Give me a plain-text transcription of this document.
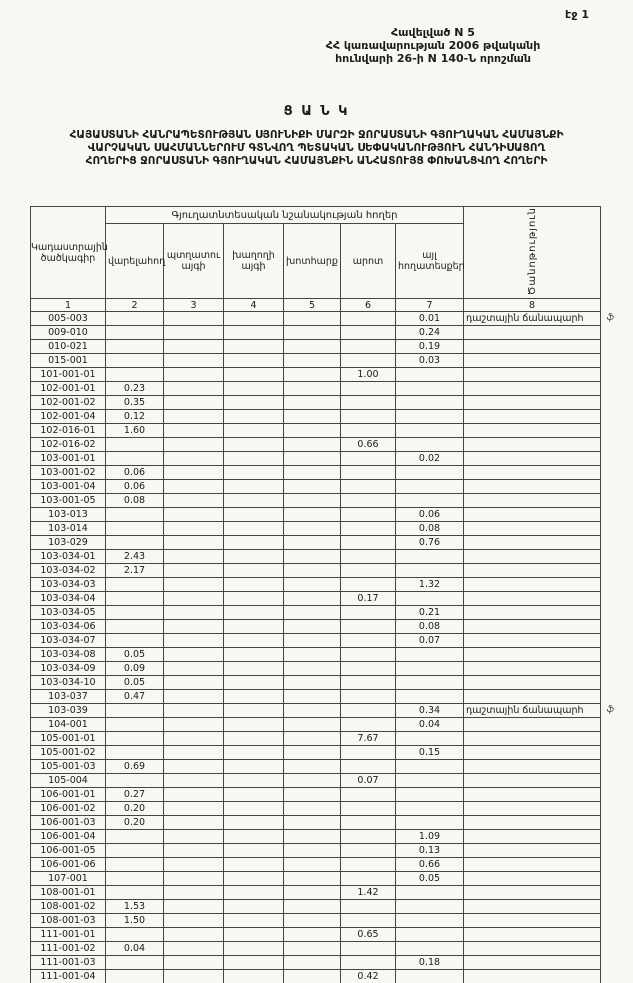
էջ 1
Հավելված N 5
ՀՀ կառավարության 2006 թվականի
հունվարի 26-ի N 140-Ն որոշման
Ց Ա Ն Կ
ՀԱՅԱՍՏԱՆԻ ՀԱՆՐԱՊԵՏՈՒԹՅԱՆ ՍՅՈՒՆԻՔԻ ՄԱՐԶԻ ՋՈՐԱՍՏԱՆԻ ԳՅՈՒՂԱԿԱՆ ՀԱՄԱՅՆՔԻ
ՎԱՐՉԱԿԱՆ ՍԱՀՄԱՆՆԵՐՈՒՄ ԳՏՆՎՈՂ ՊԵՏԱԿԱՆ ՍԵՓԱԿԱՆՈՒԹՅՈՒՆ ՀԱՆԴԻՍԱՑՈՂ
ՀՈՂԵՐԻՑ ՋՈՐԱՍՏԱՆԻ ԳՅՈՒՂԱԿԱՆ ՀԱՄԱՅՆՔԻՆ ԱՆՀԱՏՈՒՅՑ ՓՈԽԱՆՑՎՈՂ ՀՈՂԵՐԻ
Կադաստրային ծածկագիր	Գյուղատնտեսական նշանակության հողեր						Ծանոթություն
	վարելահող	պտղատու այգի	խաղողի այգի	խոտհարք	արոտ	այլ հողատեսքեր	
1	2	3	4	5	6	7	8
005-003						0.01	դաշտային ճանապարհ ֆ

009-010						0.24	
010-021						0.19	
015-001						0.03	
101-001-01					1.00		
102-001-01	0.23						
102-001-02	0.35						
102-001-04	0.12						
102-016-01	1.60						
102-016-02					0.66		
103-001-01						0.02	
103-001-02	0.06						
103-001-04	0.06						
103-001-05	0.08						
103-013						0.06	
103-014						0.08	
103-029						0.76	
103-034-01	2.43						
103-034-02	2.17						
103-034-03						1.32	
103-034-04					0.17		
103-034-05						0.21	
103-034-06						0.08	
103-034-07						0.07	
103-034-08	0.05						
103-034-09	0.09						
103-034-10	0.05						
103-037	0.47						
103-039						0.34	դաշտային ճանապարհ ֆ

104-001						0.04	
105-001-01					7.67		
105-001-02						0.15	
105-001-03	0.69						
105-004					0.07		
106-001-01	0.27						
106-001-02	0.20						
106-001-03	0.20						
106-001-04						1.09	
106-001-05						0.13	
106-001-06						0.66	
107-001						0.05	
108-001-01					1.42		
108-001-02	1.53						
108-001-03	1.50						
111-001-01					0.65		
111-001-02	0.04						
111-001-03						0.18	
111-001-04					0.42		
